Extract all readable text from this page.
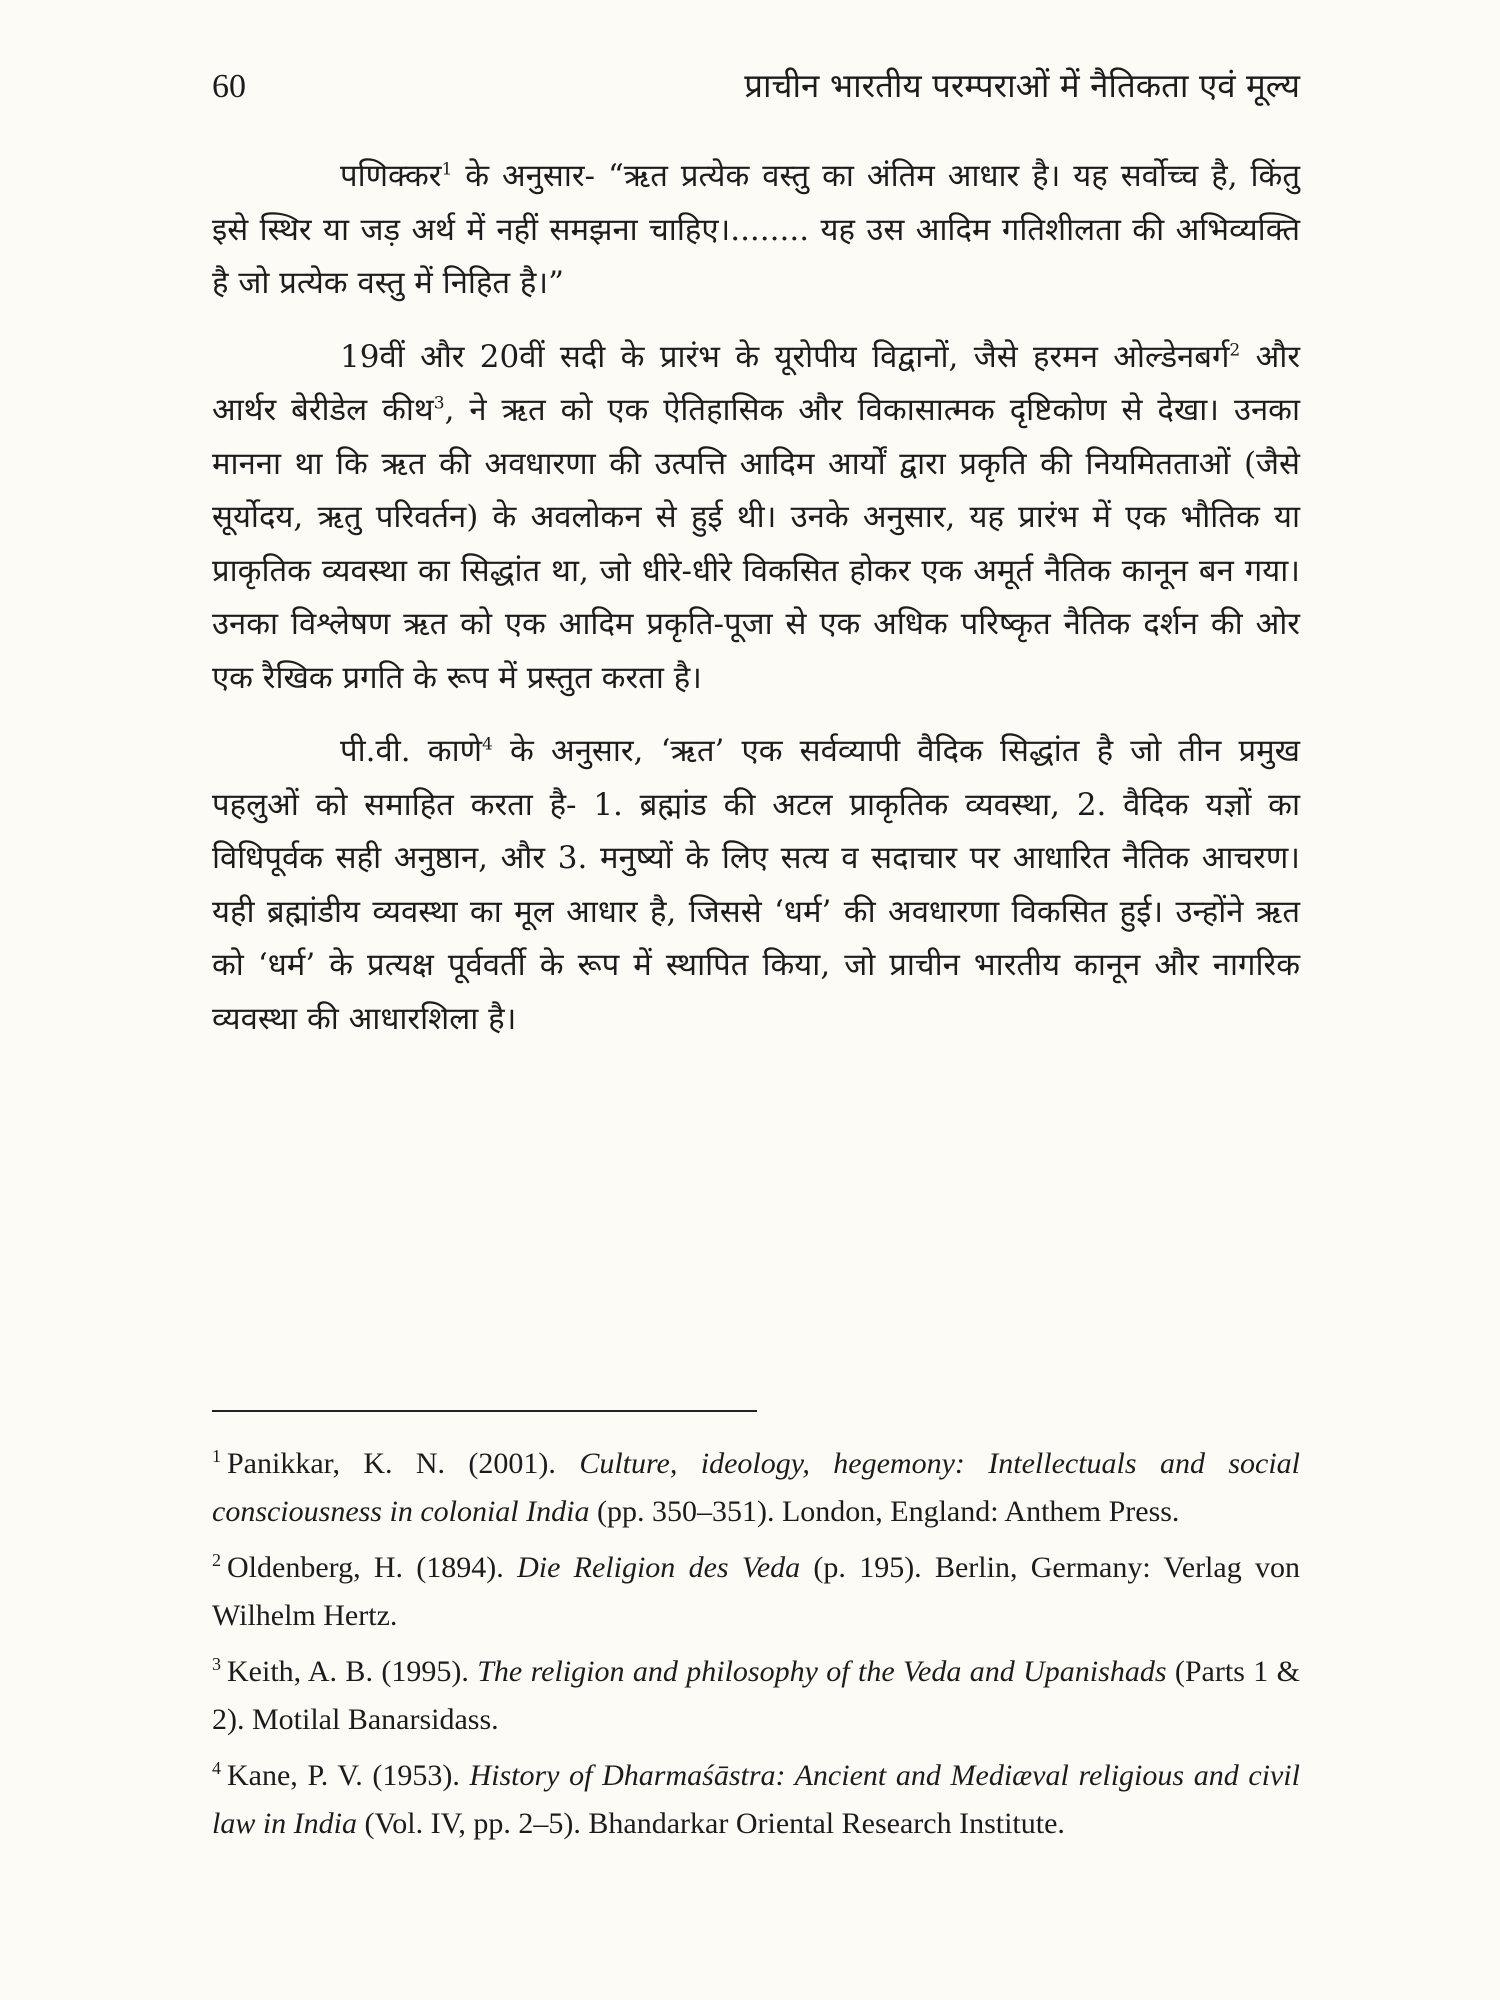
60	प्राचीन भारतीय परम्पराओं में नैतिकता एवं मूल्य

पणिक्कर$^1$ के अनुसार- “ऋत प्रत्येक वस्तु का अंतिम आधार है। यह सर्वोच्च है, किंतु इसे स्थिर या जड़ अर्थ में नहीं समझना चाहिए।........ यह उस आदिम गतिशीलता की अभिव्यक्ति है जो प्रत्येक वस्तु में निहित है।”

19वीं और 20वीं सदी के प्रारंभ के यूरोपीय विद्वानों, जैसे हरमन ओल्डेनबर्ग$^2$ और आर्थर बेरीडेल कीथ$^3$, ने ऋत को एक ऐतिहासिक और विकासात्मक दृष्टिकोण से देखा। उनका मानना था कि ऋत की अवधारणा की उत्पत्ति आदिम आर्यों द्वारा प्रकृति की नियमितताओं (जैसे सूर्योदय, ऋतु परिवर्तन) के अवलोकन से हुई थी। उनके अनुसार, यह प्रारंभ में एक भौतिक या प्राकृतिक व्यवस्था का सिद्धांत था, जो धीरे-धीरे विकसित होकर एक अमूर्त नैतिक कानून बन गया। उनका विश्लेषण ऋत को एक आदिम प्रकृति-पूजा से एक अधिक परिष्कृत नैतिक दर्शन की ओर एक रैखिक प्रगति के रूप में प्रस्तुत करता है।

पी.वी. काणे$^4$ के अनुसार, ‘ऋत’ एक सर्वव्यापी वैदिक सिद्धांत है जो तीन प्रमुख पहलुओं को समाहित करता है- 1. ब्रह्मांड की अटल प्राकृतिक व्यवस्था, 2. वैदिक यज्ञों का विधिपूर्वक सही अनुष्ठान, और 3. मनुष्यों के लिए सत्य व सदाचार पर आधारित नैतिक आचरण। यही ब्रह्मांडीय व्यवस्था का मूल आधार है, जिससे ‘धर्म’ की अवधारणा विकसित हुई। उन्होंने ऋत को ‘धर्म’ के प्रत्यक्ष पूर्ववर्ती के रूप में स्थापित किया, जो प्राचीन भारतीय कानून और नागरिक व्यवस्था की आधारशिला है।

$^1$ Panikkar, K. N. (2001). Culture, ideology, hegemony: Intellectuals and social consciousness in colonial India (pp. 350–351). London, England: Anthem Press.

$^2$ Oldenberg, H. (1894). Die Religion des Veda (p. 195). Berlin, Germany: Verlag von Wilhelm Hertz.

$^3$ Keith, A. B. (1995). The religion and philosophy of the Veda and Upanishads (Parts 1 & 2). Motilal Banarsidass.

$^4$ Kane, P. V. (1953). History of Dharmaśāstra: Ancient and Mediæval religious and civil law in India (Vol. IV, pp. 2–5). Bhandarkar Oriental Research Institute.
